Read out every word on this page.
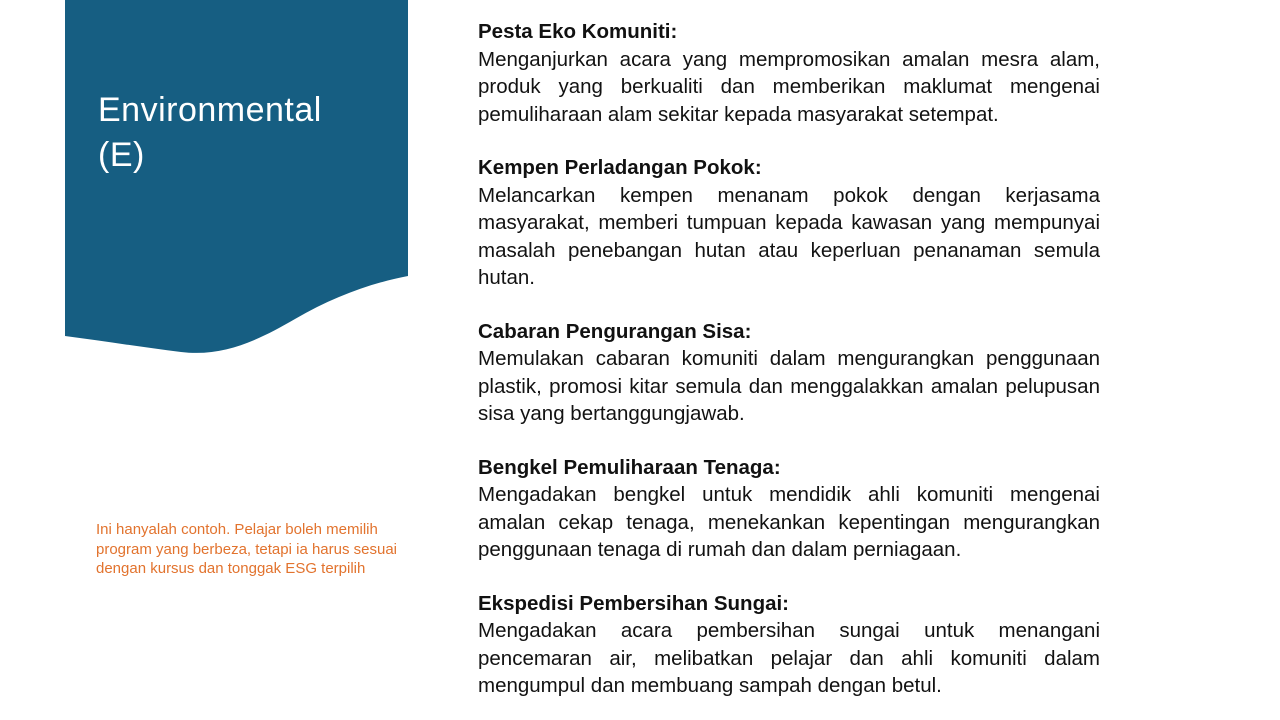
Environmental
(E)
Ini hanyalah contoh. Pelajar boleh memilih program yang berbeza, tetapi ia harus sesuai dengan kursus dan tonggak ESG terpilih
Pesta Eko Komuniti:

Menganjurkan acara yang mempromosikan amalan mesra alam, produk yang berkualiti dan memberikan maklumat mengenai pemuliharaan alam sekitar kepada masyarakat setempat.

Kempen Perladangan Pokok:

Melancarkan kempen menanam pokok dengan kerjasama masyarakat, memberi tumpuan kepada kawasan yang mempunyai masalah penebangan hutan atau keperluan penanaman semula hutan.

Cabaran Pengurangan Sisa:

Memulakan cabaran komuniti dalam mengurangkan penggunaan plastik, promosi kitar semula dan menggalakkan amalan pelupusan sisa yang bertanggungjawab.

Bengkel Pemuliharaan Tenaga:

Mengadakan bengkel untuk mendidik ahli komuniti mengenai amalan cekap tenaga, menekankan kepentingan mengurangkan penggunaan tenaga di rumah dan dalam perniagaan.

Ekspedisi Pembersihan Sungai:

Mengadakan acara pembersihan sungai untuk menangani pencemaran air, melibatkan pelajar dan ahli komuniti dalam mengumpul dan membuang sampah dengan betul.
